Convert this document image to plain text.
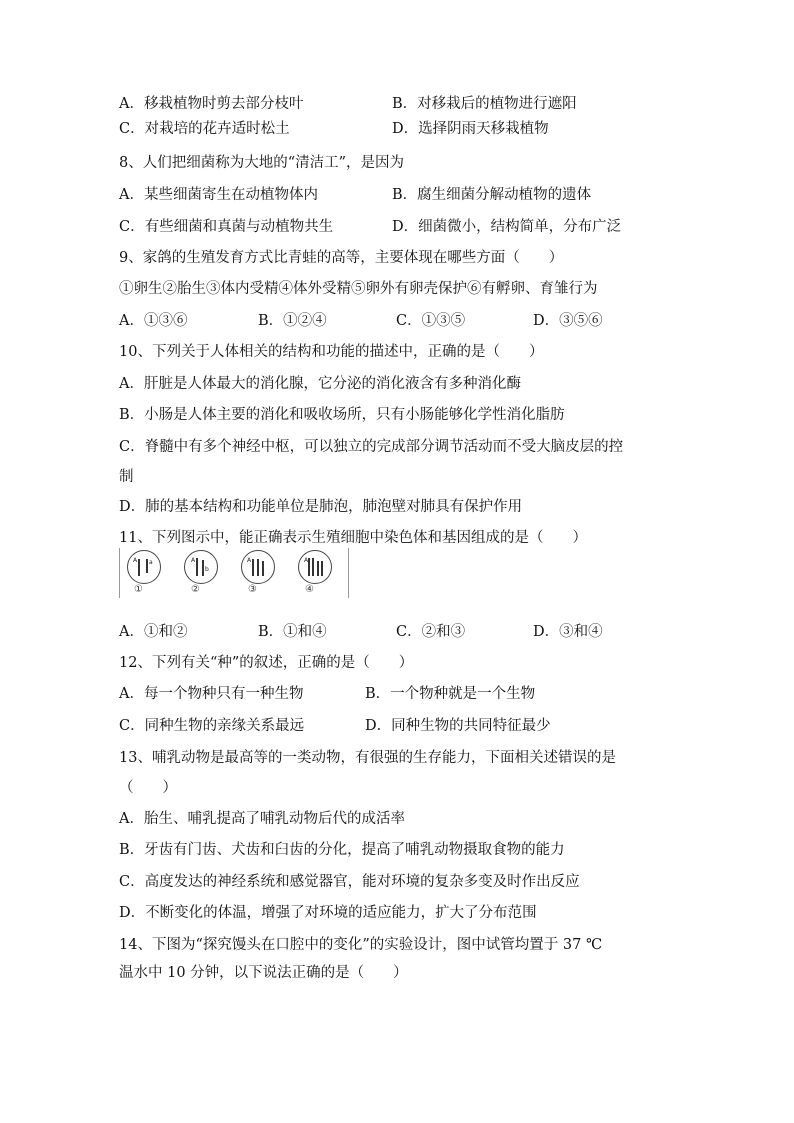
A．移栽植物时剪去部分枝叶	B．对移栽后的植物进行遮阳
C．对栽培的花卉适时松土	D．选择阴雨天移栽植物
8、人们把细菌称为大地的“清洁工”，是因为
A．某些细菌寄生在动植物体内	B．腐生细菌分解动植物的遗体
C．有些细菌和真菌与动植物共生	D．细菌微小，结构简单，分布广泛
9、家鸽的生殖发育方式比青蛙的高等，主要体现在哪些方面（　　）
①卵生②胎生③体内受精④体外受精⑤卵外有卵壳保护⑥有孵卵、育雏行为
A．①③⑥	B．①②④	C．①③⑤	D．③⑤⑥
10、下列关于人体相关的结构和功能的描述中，正确的是（　　）
A．肝脏是人体最大的消化腺，它分泌的消化液含有多种消化酶
B．小肠是人体主要的消化和吸收场所，只有小肠能够化学性消化脂肪
C．脊髓中有多个神经中枢，可以独立的完成部分调节活动而不受大脑皮层的控
制
D．肺的基本结构和功能单位是肺泡，肺泡壁对肺具有保护作用
11、下列图示中，能正确表示生殖细胞中染色体和基因组成的是（　　）
A a
①
A
b
②
A
③
A
④
A．①和②	B．①和④	C．②和③	D．③和④
12、下列有关“种”的叙述，正确的是（　　）
A．每一个物种只有一种生物	B．一个物种就是一个生物
C．同种生物的亲缘关系最远	D．同种生物的共同特征最少
13、哺乳动物是最高等的一类动物，有很强的生存能力，下面相关述错误的是
（　　）
A．胎生、哺乳提高了哺乳动物后代的成活率
B．牙齿有门齿、犬齿和臼齿的分化，提高了哺乳动物摄取食物的能力
C．高度发达的神经系统和感觉器官，能对环境的复杂多变及时作出反应
D．不断变化的体温，增强了对环境的适应能力，扩大了分布范围
14、下图为“探究馒头在口腔中的变化”的实验设计，图中试管均置于 37 ℃
温水中 10 分钟，以下说法正确的是（　　）
